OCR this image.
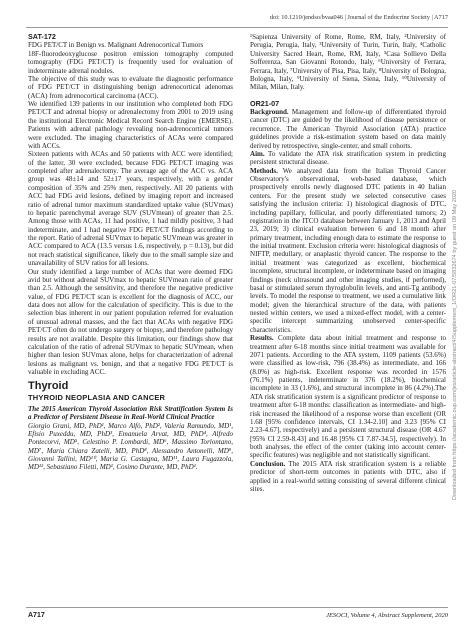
doi: 10.1210/jendso/bvaa046 | Journal of the Endocrine Society | A717

SAT-172

FDG PET/CT in Benign vs. Malignant Adrenocortical Tumors

18F-fluorodeoxyglucose positron emission tomography computed tomography (FDG PET/CT) is frequently used for evaluation of indeterminate adrenal nodules.

The objective of this study was to evaluate the diagnostic performance of FDG PET/CT in distinguishing benign adrenocortical adenomas (ACA) from adrenocortical carcinoma (ACC).

We identified 139 patients in our institution who completed both FDG PET/CT and adrenal biopsy or adrenalectomy from 2001 to 2019 using the institutional Electronic Medical Record Search Engine (EMERSE). Patients with adrenal pathology revealing non-adrenocortical tumors were excluded. The imaging characteristics of ACAs were compared with ACCs.

Sixteen patients with ACAs and 50 patients with ACC were identified; of the latter, 30 were excluded, because FDG PET/CT imaging was completed after adrenalectomy. The average age of the ACC vs. ACA group was 48±14 and 52±17 years, respectively, with a gender composition of 35% and 25% men, respectively. All 20 patients with ACC had FDG avid lesions, defined by imaging report and increased ratio of adrenal tumor maximum standardized uptake value (SUVmax) to hepatic parenchymal average SUV (SUVmean) of greater than 2.5. Among those with ACAs, 11 had positive, 1 had mildly positive, 3 had indeterminate, and 1 had negative FDG PET/CT findings according to the report. Ratio of adrenal SUVmax to hepatic SUVmean was greater in ACC compared to ACA (13.5 versus 1.6, respectively, p = 0.13), but did not reach statistical significance, likely due to the small sample size and unavailability of SUV ratios for all lesions.

Our study identified a large number of ACAs that were deemed FDG avid but without adrenal SUVmax to hepatic SUVmean ratio of greater than 2.5. Although the sensitivity, and therefore the negative predictive value, of FDG PET/CT scan is excellent for the diagnosis of ACC, our data does not allow for the calculation of specificity. This is due to the selection bias inherent in our patient population referred for evaluation of unusual adrenal masses, and the fact that ACAs with negative FDG PET/CT often do not undergo surgery or biopsy, and therefore pathology results are not available. Despite this limitation, our findings show that calculation of the ratio of adrenal SUVmax to hepatic SUVmean, when higher than lesion SUVmax alone, helps for characterization of adrenal lesions as malignant vs. benign, and that a negative FDG PET/CT is valuable in excluding ACC.

Thyroid

THYROID NEOPLASIA AND CANCER

The 2015 American Thyroid Association Risk Stratification System Is a Predictor of Persistent Disease in Real-World Clinical Practice

Giorgio Grani, MD, PhD¹, Marco Alfò, PhD², Valeria Ramundo, MD¹, Efisio Puxeddu, MD, PhD³, Emanuela Arvat, MD, PhD⁴, Alfredo Pontecorvi, MD⁵, Celestino P. Lombardi, MD⁶, Massimo Torlontano, MD⁷, Maria Chiara Zatelli, MD, PhD⁸, Alessandro Antonelli, MD⁹, Giovanni Tallini, MD¹⁰, Maria G. Castagna, MD¹¹, Laura Fugazzola, MD¹², Sebastiano Filetti, MD¹, Cosimo Durante, MD, PhD¹.

¹Sapienza University of Rome, Rome, RM, Italy, ²University of Perugia, Perugia, Italy, ³University of Turin, Turin, Italy, ⁴Catholic University Sacred Heart, Rome, RM, Italy, ⁵Casa Sollievo Della Sofferenza, San Giovanni Rotondo, Italy, ⁶University of Ferrara, Ferrara, Italy, ⁷University of Pisa, Pisa, Italy, ⁸University of Bologna, Bologna, Italy, ⁹University of Siena, Siena, Italy, ¹⁰University of Milan, Milan, Italy.

OR21-07

Background. Management and follow-up of differentiated thyroid cancer (DTC) are guided by the likelihood of disease persistence or recurrence. The American Thyroid Association (ATA) practice guidelines provide a risk-estimation system based on data mainly derived by retrospective, single-center, and small cohorts.

Aim. To validate the ATA risk stratification system in predicting persistent structural disease.

Methods. We analyzed data from the Italian Thyroid Cancer Observatory's observational, web-based database, which prospectively enrolls newly diagnosed DTC patients in 40 Italian centers. For the present study we selected consecutive cases satisfying the inclusion criteria: 1) histological diagnosis of DTC, including papillary, follicular, and poorly differentiated tumors; 2) registration in the ITCO database between January 1, 2013 and April 23, 2019; 3) clinical evaluation between 6 and 18 month after primary treatment, including enough data to estimate the response to the initial treatment. Exclusion criteria were: histological diagnosis of NIFTP, medullary, or anaplastic thyroid cancer. The response to the initial treatment was categorized as excellent, biochemical incomplete, structural incomplete, or indeterminate based on imaging findings (neck ultrasound and other imaging studies, if performed), basal or stimulated serum thyroglobulin levels, and anti-Tg antibody levels. To model the response to treatment, we used a cumulative link model; given the hierarchical structure of the data, with patients nested within centers, we used a mixed-effect model, with a center-specific intercept summarizing unobserved center-specific characteristics.

Results. Complete data about initial treatment and response to treatment after 6-18 months since initial treatment was available for 2071 patients. According to the ATA system, 1109 patients (53.6%) were classified as low-risk, 796 (38.4%) as intermediate, and 166 (8.0%) as high-risk. Excellent response was recorded in 1576 (76.1%) patients, indeterminate in 376 (18.2%), biochemical incomplete in 33 (1.6%), and structural incomplete in 86 (4.2%).The ATA risk stratification system is a significant predictor of response to treatment after 6-18 months: classification as intermediate- and high-risk increased the likelihood of a response worse than excellent (OR 1.68 [95% confidence intervals, CI 1.34-2.10] and 3.23 [95% CI 2.23-4.67], respectively) and a persistent structural disease (OR 4.67 [95% CI 2.59-8.43] and 16.48 [95% CI 7.87-34.5], respectively). In both analyses, the effect of the center (taking into account center-specific features) was negligible and not statistically significant.

Conclusion. The 2015 ATA risk stratification system is a reliable predictor of short-term outcomes in patients with DTC, also if applied in a real-world setting consisting of several different clinical sites.	Downloaded from https://academic.oup.com/jes/article-abstract/4/Supplement_1/OR21-07/5832674 by guest on 09 May 2020
A717	JESOCI, Volume 4, Abstract Supplement, 2020
